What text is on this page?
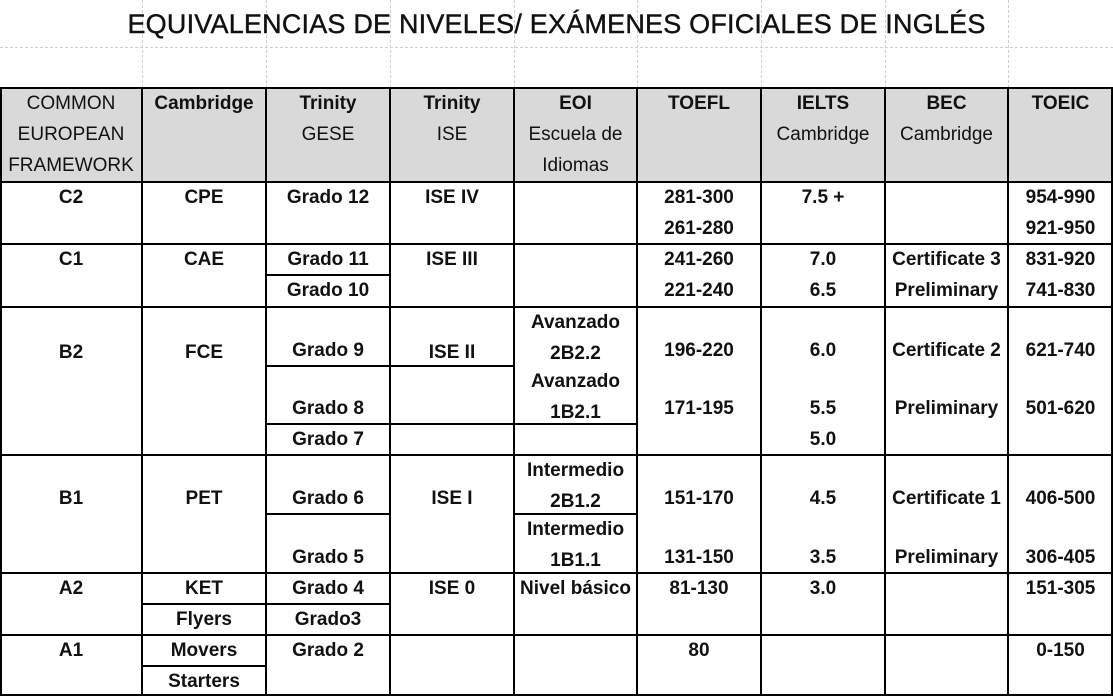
COMMON
EUROPEAN
FRAMEWORK
Cambridge Trinity
GESE
Trinity
ISE
EOI
Escuela de
Idiomas
TOEFL	IELTS
Cambridge
BEC
Cambridge
TOEIC
C2
C1
B2
B1
A2
A1
CPE
CAE
FCE
PET
KET
Flyers
Movers
Starters
Grado 12
Grado 11
Grado 10
Grado 9
Grado 8
Grado 7
Grado 6
Grado 5
Grado 4
Grado3
Grado 2
ISE IV
ISE III
ISE II
ISE I
ISE 0
Avanzado
2B2.2
Avanzado
1B2.1
Intermedio
2B1.2
Intermedio
1B1.1
Nivel básico
281-300
261-280
241-260
221-240
196-220
171-195
151-170
131-150
81-130
80
7.5 +
7.0
6.5
6.0
5.5
5.0
4.5
3.5
3.0
Certificate 3
Preliminary
Certificate 2
Preliminary
Certificate 1
Preliminary
954-990
921-950
831-920
741-830
621-740
501-620
406-500
306-405
151-305
0-150
EQUIVALENCIAS DE NIVELES/ EXÁMENES OFICIALES DE INGLÉS
